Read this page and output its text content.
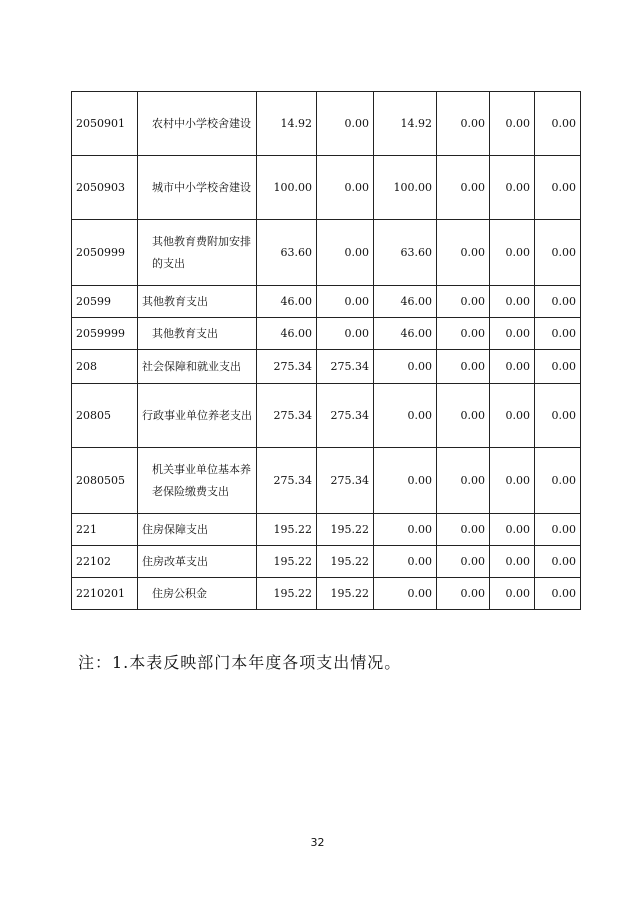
2050901	农村中小学校舍建设	14.92	0.00	14.92	0.00	0.00	0.00
2050903	城市中小学校舍建设	100.00	0.00	100.00	0.00	0.00	0.00
2050999	其他教育费附加安排的支出	63.60	0.00	63.60	0.00	0.00	0.00
20599	其他教育支出	46.00	0.00	46.00	0.00	0.00	0.00
2059999	其他教育支出	46.00	0.00	46.00	0.00	0.00	0.00
208	社会保障和就业支出	275.34	275.34	0.00	0.00	0.00	0.00
20805	行政事业单位养老支出	275.34	275.34	0.00	0.00	0.00	0.00
2080505	机关事业单位基本养老保险缴费支出	275.34	275.34	0.00	0.00	0.00	0.00
221	住房保障支出	195.22	195.22	0.00	0.00	0.00	0.00
22102	住房改革支出	195.22	195.22	0.00	0.00	0.00	0.00
2210201	住房公积金	195.22	195.22	0.00	0.00	0.00	0.00
注：1.本表反映部门本年度各项支出情况。
32
